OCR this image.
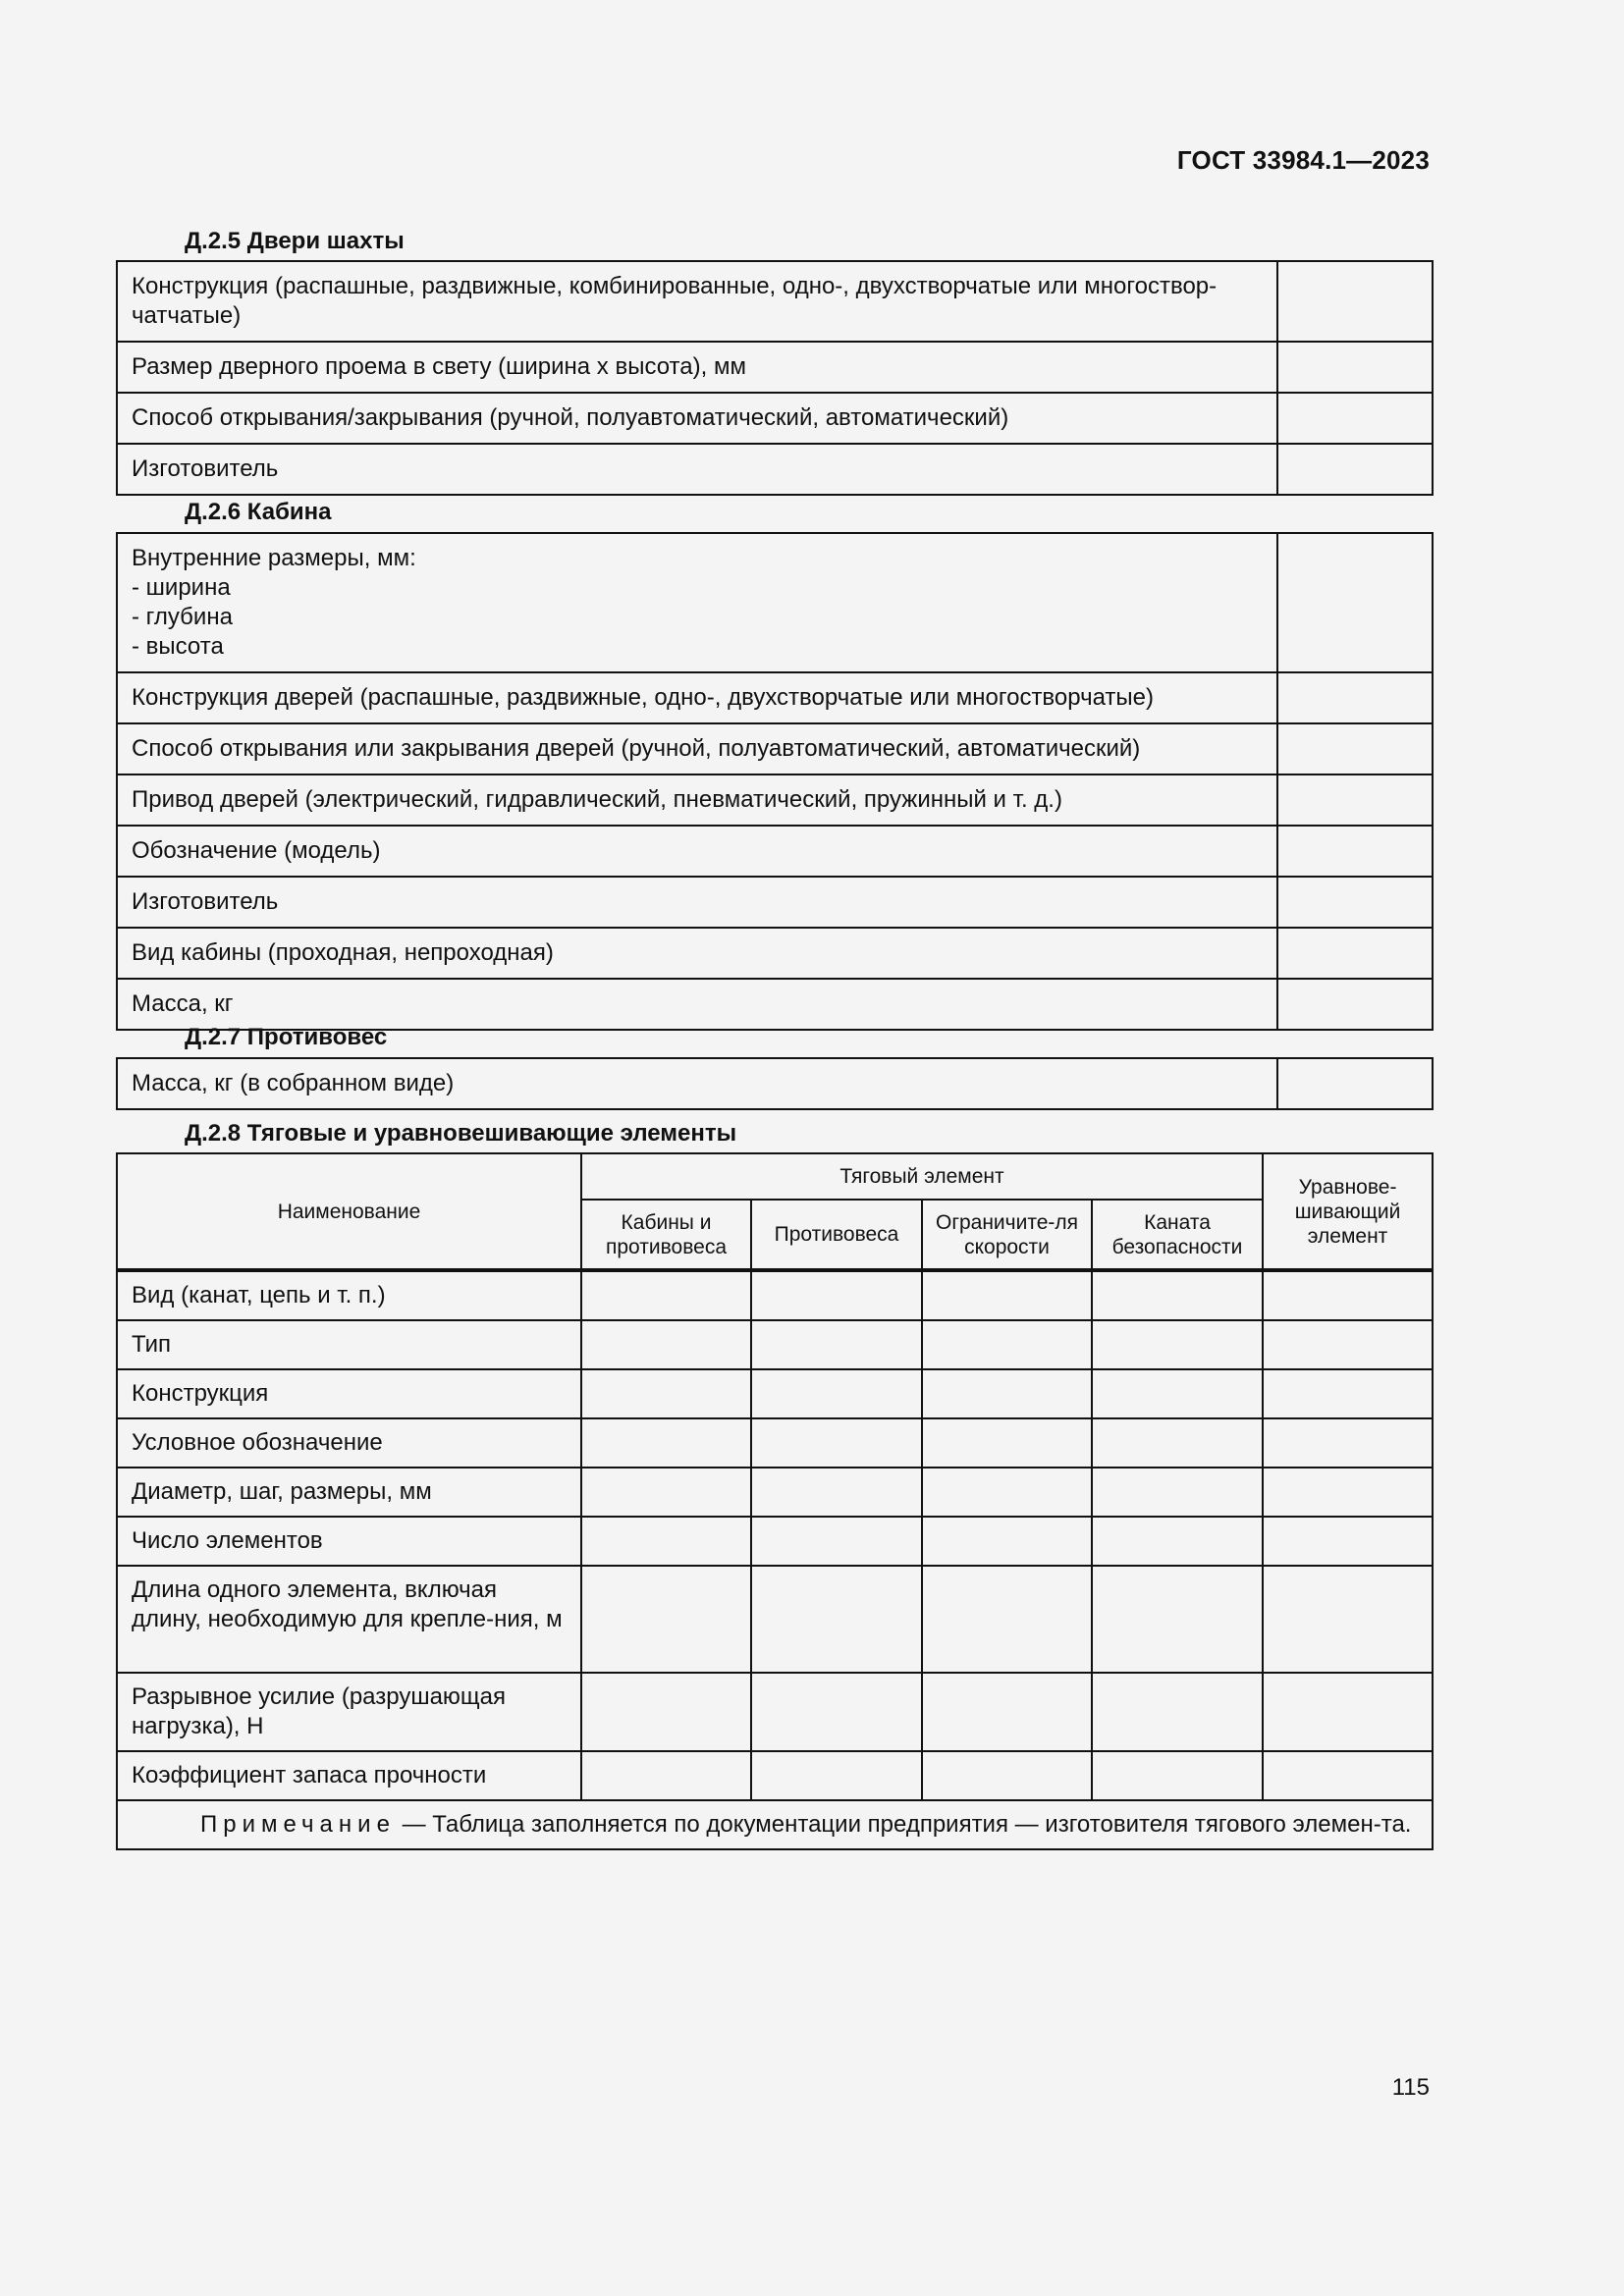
ГОСТ 33984.1—2023
Д.2.5 Двери шахты
Конструкция (распашные, раздвижные, комбинированные, одно-, двухстворчатые или многоствор-чатчатые)	
Размер дверного проема в свету (ширина х высота), мм	
Способ открывания/закрывания (ручной, полуавтоматический, автоматический)	
Изготовитель	
Д.2.6 Кабина
Внутренние размеры, мм:
- ширина
- глубина
- высота	

Конструкция дверей (распашные, раздвижные, одно-, двухстворчатые или многостворчатые)	
Способ открывания или закрывания дверей (ручной, полуавтоматический, автоматический)	
Привод дверей (электрический, гидравлический, пневматический, пружинный и т. д.)	
Обозначение (модель)	
Изготовитель	
Вид кабины (проходная, непроходная)	
Масса, кг	
Д.2.7 Противовес
Масса, кг (в собранном виде)	
Д.2.8 Тяговые и уравновешивающие элементы
Наименование	Тяговый элемент				Уравнове-шивающий элемент
	Кабины и противовеса	Противовеса	Ограничите-ля скорости	Каната безопасности	
Вид (канат, цепь и т. п.)					
Тип					
Конструкция					
Условное обозначение					
Диаметр, шаг, размеры, мм					
Число элементов					
Длина одного элемента, включая длину, необходимую для крепле-ния, м					
Разрывное усилие (разрушающая нагрузка), Н					
Коэффициент запаса прочности					
Примечание — Таблица заполняется по документации предприятия — изготовителя тягового элемен-та.					
115
